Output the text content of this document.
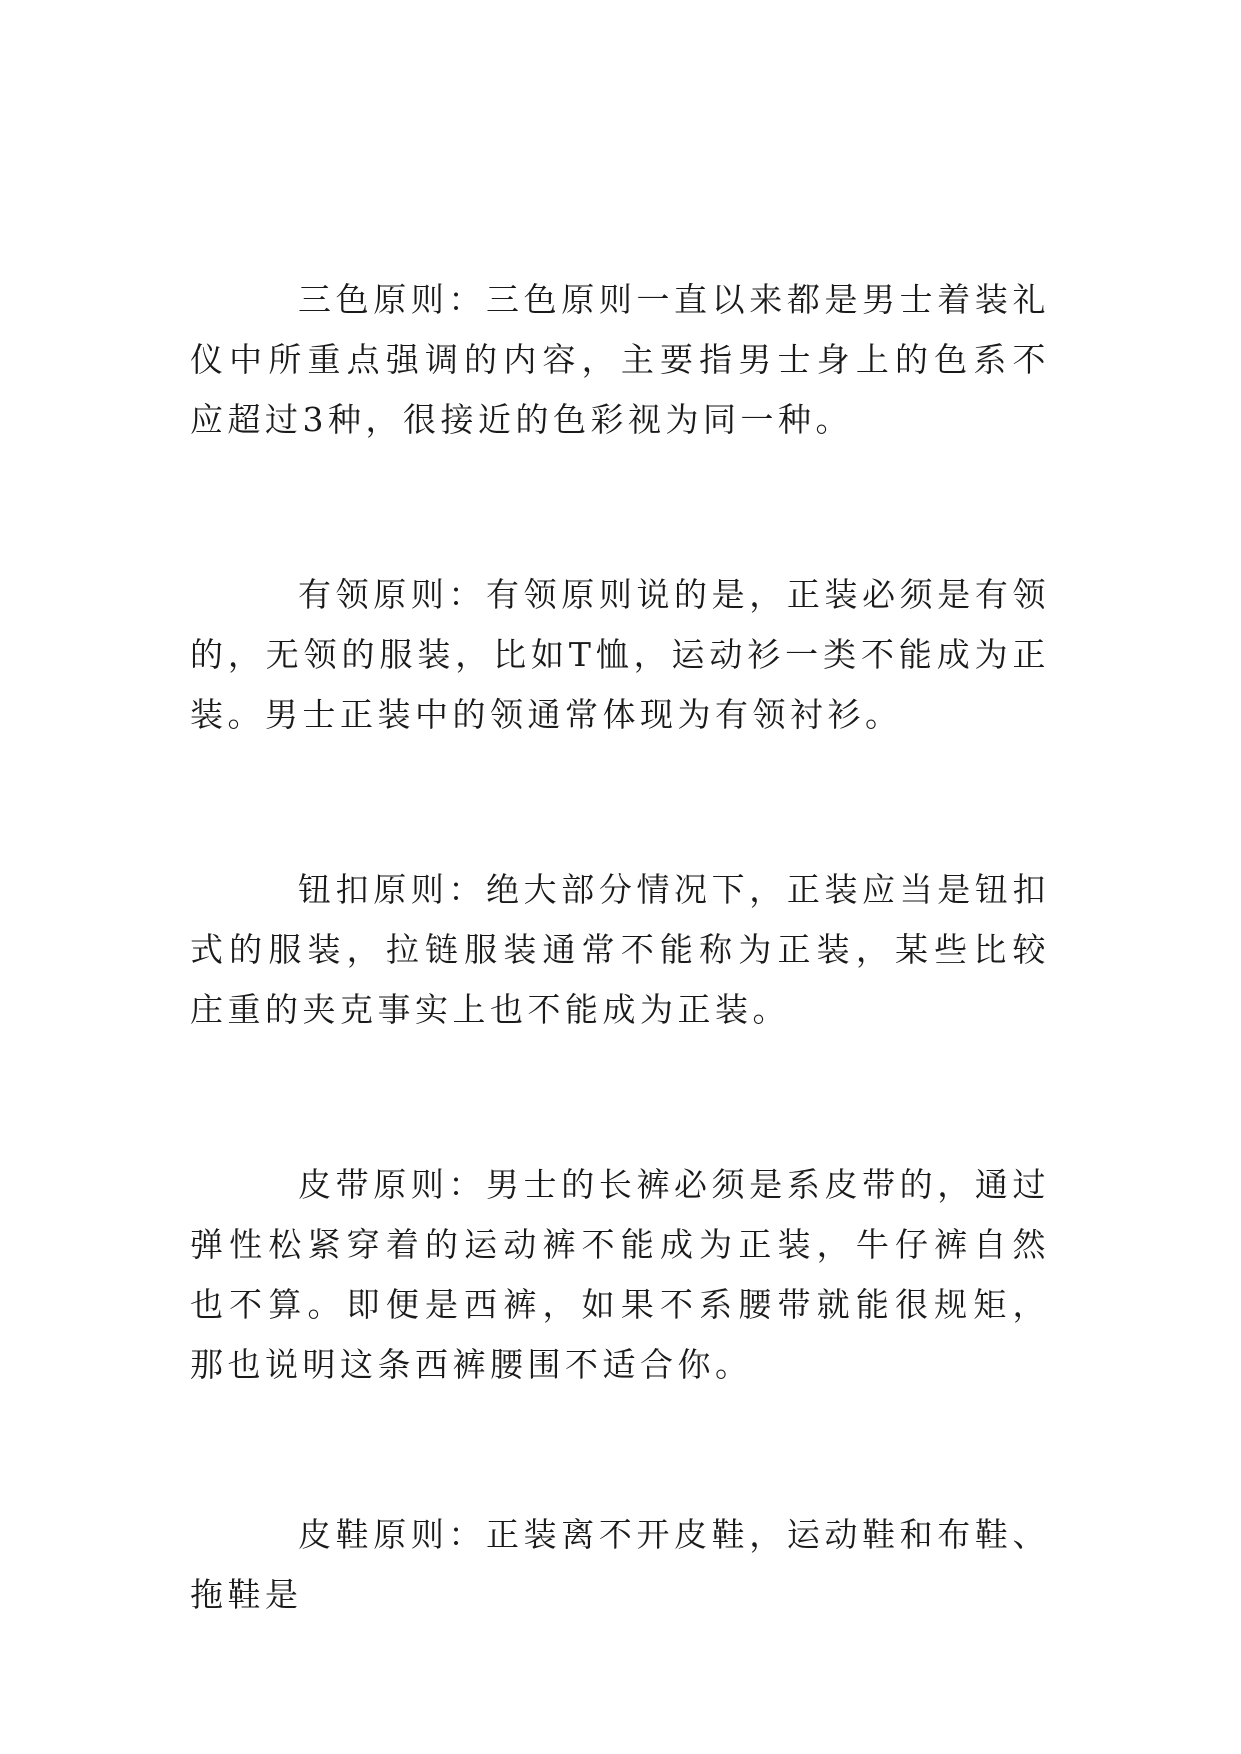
三色原则：三色原则一直以来都是男士着装礼仪中所重点强调的内容，主要指男士身上的色系不应超过3种，很接近的色彩视为同一种。

有领原则：有领原则说的是，正装必须是有领的，无领的服装，比如T恤，运动衫一类不能成为正装。男士正装中的领通常体现为有领衬衫。

钮扣原则：绝大部分情况下，正装应当是钮扣式的服装，拉链服装通常不能称为正装，某些比较庄重的夹克事实上也不能成为正装。

皮带原则：男士的长裤必须是系皮带的，通过弹性松紧穿着的运动裤不能成为正装，牛仔裤自然也不算。即便是西裤，如果不系腰带就能很规矩，那也说明这条西裤腰围不适合你。

皮鞋原则：正装离不开皮鞋，运动鞋和布鞋、拖鞋是
